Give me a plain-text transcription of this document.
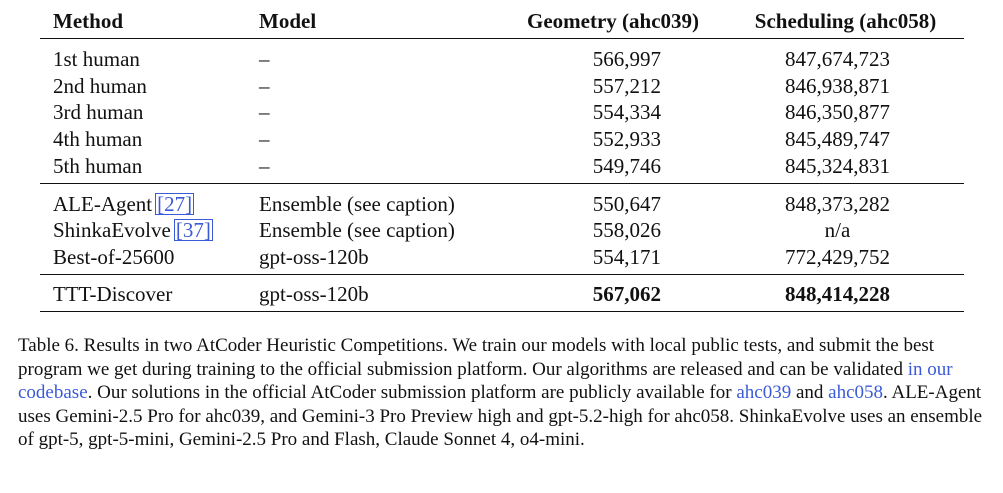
Method	Model	Geometry (ahc039)	Scheduling (ahc058)
1st human	–	566,997	847,674,723
2nd human	–	557,212	846,938,871
3rd human	–	554,334	846,350,877
4th human	–	552,933	845,489,747
5th human	–	549,746	845,324,831
ALE-Agent [27]	Ensemble (see caption)	550,647	848,373,282
ShinkaEvolve [37]	Ensemble (see caption)	558,026	n/a
Best-of-25600	gpt-oss-120b	554,171	772,429,752
TTT-Discover	gpt-oss-120b	567,062	848,414,228

Table 6. Results in two AtCoder Heuristic Competitions. We train our models with local public tests, and submit the best program we get during training to the official submission platform. Our algorithms are released and can be validated in our codebase. Our solutions in the official AtCoder submission platform are publicly available for ahc039 and ahc058. ALE-Agent uses Gemini-2.5 Pro for ahc039, and Gemini-3 Pro Preview high and gpt-5.2-high for ahc058. ShinkaEvolve uses an ensemble of gpt-5, gpt-5-mini, Gemini-2.5 Pro and Flash, Claude Sonnet 4, o4-mini.
